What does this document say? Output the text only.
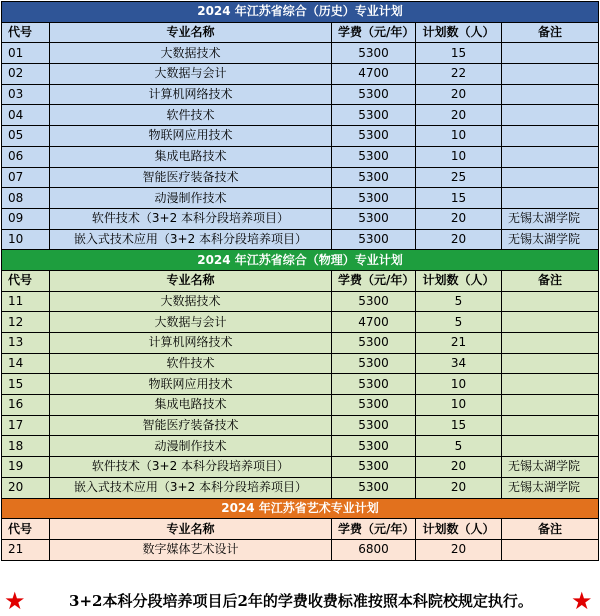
2024 年江苏省综合（历史）专业计划				
代号	专业名称	学费（元/年）	计划数（人）	备注
01	大数据技术	5300	15	
02	大数据与会计	4700	22	
03	计算机网络技术	5300	20	
04	软件技术	5300	20	
05	物联网应用技术	5300	10	
06	集成电路技术	5300	10	
07	智能医疗装备技术	5300	25	
08	动漫制作技术	5300	15	
09	软件技术（3+2 本科分段培养项目）	5300	20	无锡太湖学院
10	嵌入式技术应用（3+2 本科分段培养项目）	5300	20	无锡太湖学院
2024 年江苏省综合（物理）专业计划				
代号	专业名称	学费（元/年）	计划数（人）	备注
11	大数据技术	5300	5	
12	大数据与会计	4700	5	
13	计算机网络技术	5300	21	
14	软件技术	5300	34	
15	物联网应用技术	5300	10	
16	集成电路技术	5300	10	
17	智能医疗装备技术	5300	15	
18	动漫制作技术	5300	5	
19	软件技术（3+2 本科分段培养项目）	5300	20	无锡太湖学院
20	嵌入式技术应用（3+2 本科分段培养项目）	5300	20	无锡太湖学院
2024 年江苏省艺术专业计划				
代号	专业名称	学费（元/年）	计划数（人）	备注
21	数字媒体艺术设计	6800	20	
★	3+2本科分段培养项目后2年的学费收费标准按照本科院校规定执行。	★
